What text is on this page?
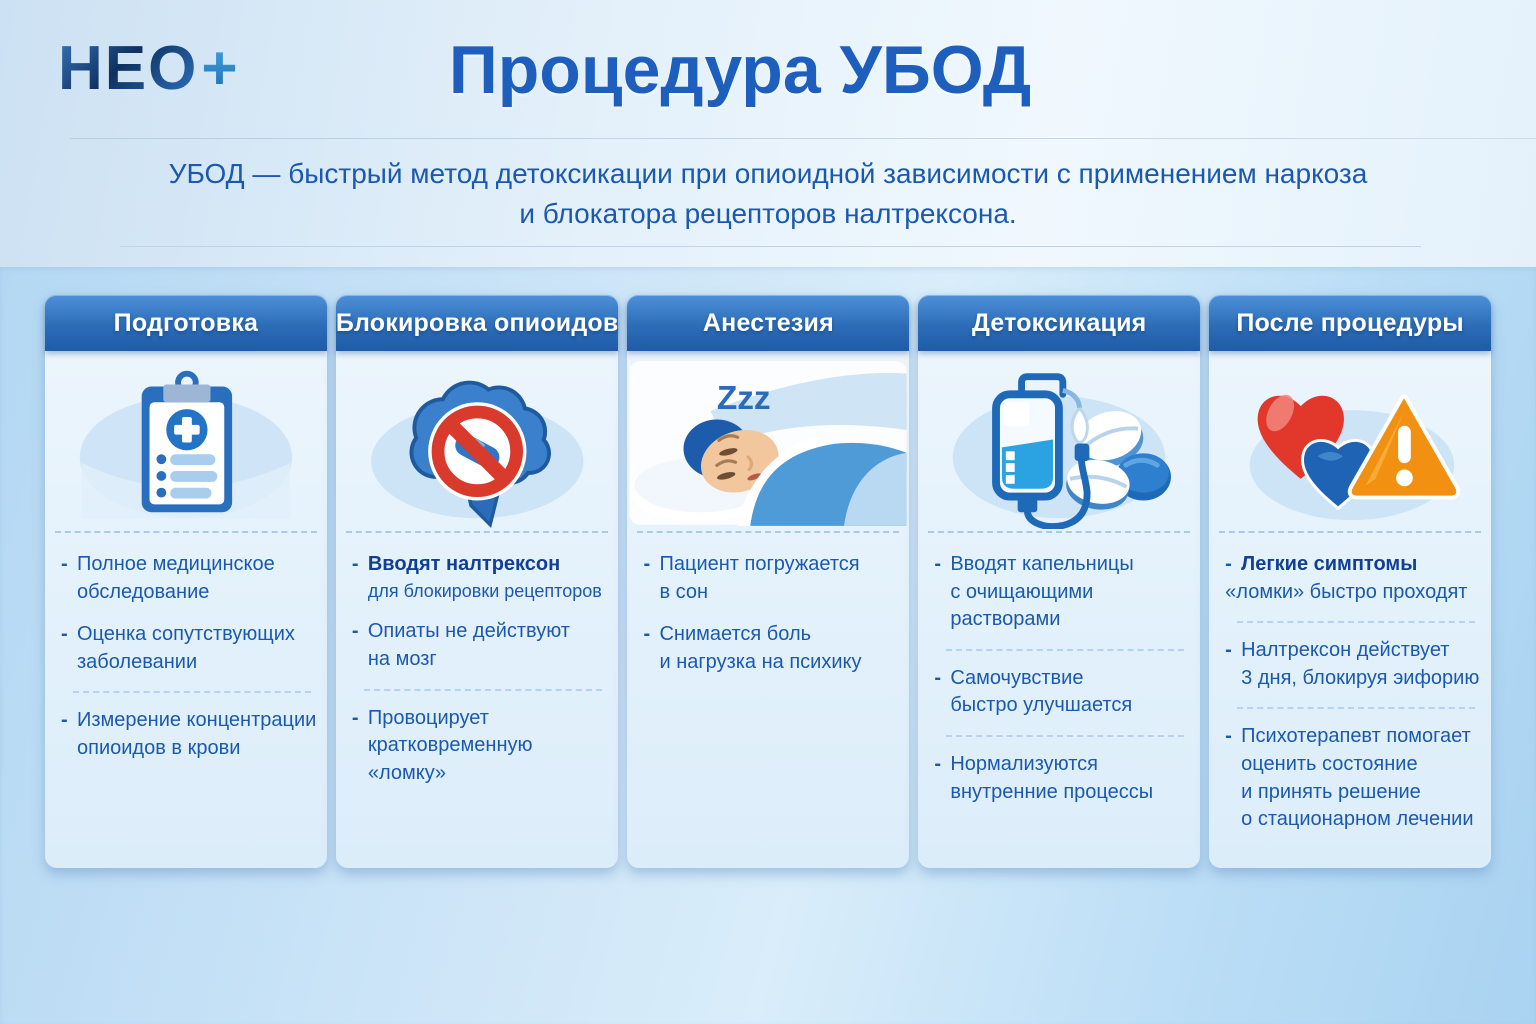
НЕО+	Процедура УБОД

УБОД — быстрый метод детоксикации при опиоидной зависимости с применением наркоза
и блокатора рецепторов налтрексона.

Подготовка
- Полное медицинское
обследование
- Оценка сопутствующих
заболевании
- Измерение концентрации
опиоидов в крови
Блокировка опиоидов
- Вводят налтрексон
для блокировки рецепторов
- Опиаты не действуют
на мозг
- Провоцирует
кратковременную
«ломку»
Анестезия
Zzz
- Пациент погружается
в сон
- Снимается боль
и нагрузка на психику
Детоксикация
- Вводят капельницы
с очищающими
растворами
- Самочувствие
быстро улучшается
- Нормализуются
внутренние процессы
После процедуры
- Легкие симптомы
«ломки» быстро проходят
- Налтрексон действует
3 дня, блокируя эифорию
- Психотерапевт помогает
оценить состояние
и принять решение
о стационарном лечении
